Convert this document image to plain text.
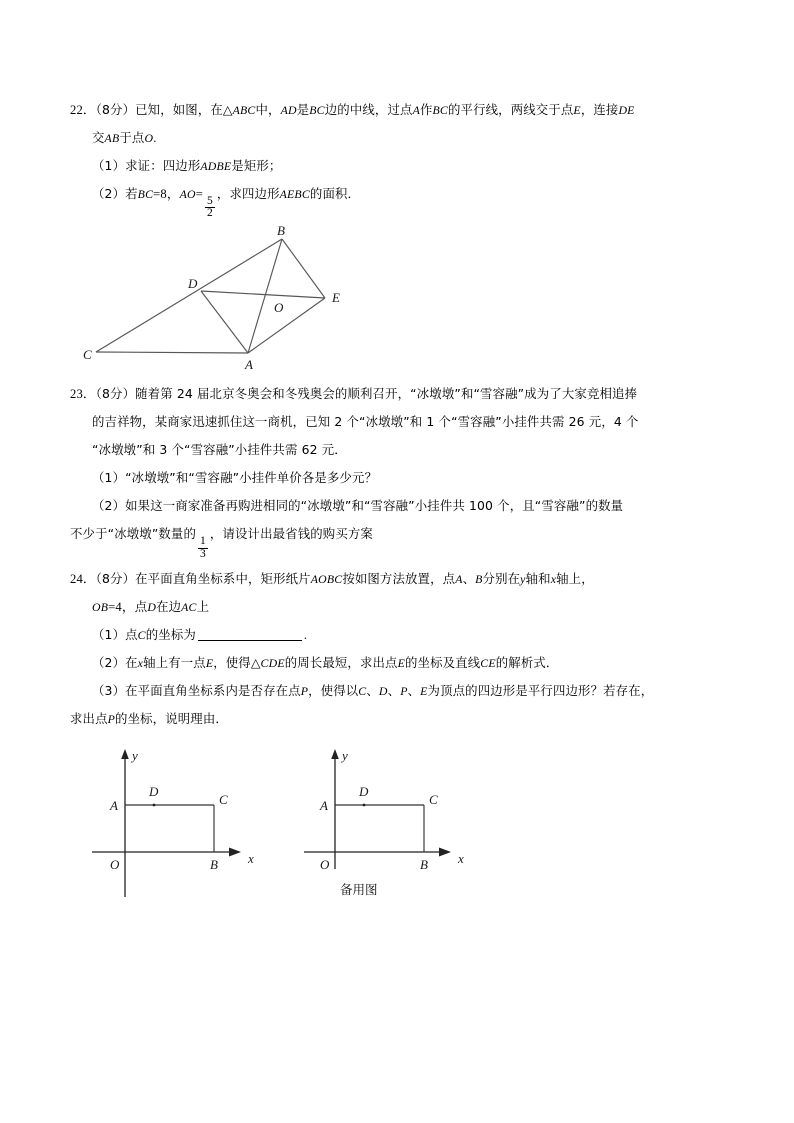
22．（8分）已知，如图，在△ABC中，AD是BC边的中线，过点A作BC的平行线，两线交于点E，连接DE
交AB于点O.
（1）求证：四边形ADBE是矩形；
（2）若BC=8，AO=
$\frac{5}{2}$
，求四边形AEBC的面积．
C
A
B
D
E
O
23．（8分）随着第 24 届北京冬奥会和冬残奥会的顺利召开，“冰墩墩”和“雪容融”成为了大家竞相追捧
的吉祥物，某商家迅速抓住这一商机，已知 2 个“冰墩墩”和 1 个“雪容融”小挂件共需 26 元，4 个
“冰墩墩”和 3 个“雪容融”小挂件共需 62 元．
（1）“冰墩墩”和“雪容融”小挂件单价各是多少元？
（2）如果这一商家准备再购进相同的“冰墩墩”和“雪容融”小挂件共 100 个，且“雪容融”的数量
不少于“冰墩墩”数量的
$\frac{1}{3}$
，请设计出最省钱的购买方案
24．（8分）在平面直角坐标系中，矩形纸片AOBC按如图方法放置，点A、B分别在y轴和x轴上，
OB=4，点D在边AC上
（1）点C的坐标为	.
（2）在x轴上有一点E，使得△CDE的周长最短，求出点E的坐标及直线CE的解析式．
（3）在平面直角坐标系内是否存在点P，使得以C、D、P、E为顶点的四边形是平行四边形？若存在，
求出点P的坐标，说明理由．
y
x
O
A
B
C
D
y
x
O
A
B
C
D
备用图
